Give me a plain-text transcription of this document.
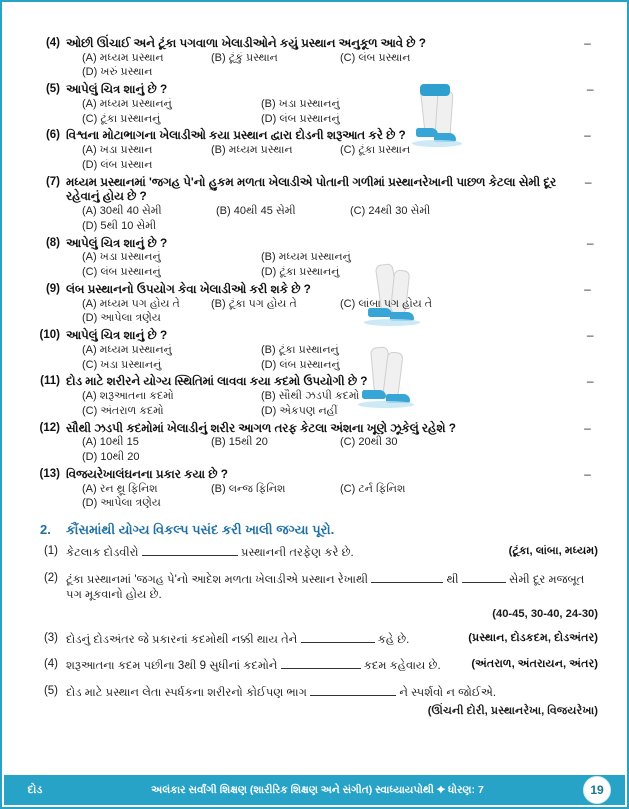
(4) ઓછી ઊંચાઈ અને ટૂંકા પગવાળા ખેલાડીઓને કયું પ્રસ્થાન અનુકૂળ આવે છે ?
(A) મધ્યમ પ્રસ્થાન	(B) ટૂંકું પ્રસ્થાન	(C) લંબ પ્રસ્થાન
(D) ખરું પ્રસ્થાન
–
(5) આપેલું ચિત્ર શાનું છે ?
(A) મધ્યમ પ્રસ્થાનનું	(B) ખડા પ્રસ્થાનનું
(C) ટૂંકા પ્રસ્થાનનું	(D) લંબ પ્રસ્થાનનું
–
(6) વિશ્વના મોટાભાગના ખેલાડીઓ કયા પ્રસ્થાન દ્વારા દોડની શરૂઆત કરે છે ?
(A) ખડા પ્રસ્થાન	(B) મધ્યમ પ્રસ્થાન	(C) ટૂંકા પ્રસ્થાન
(D) લંબ પ્રસ્થાન
–
(7) મધ્યમ પ્રસ્થાનમાં 'જગહ પે'નો હુકમ મળતા ખેલાડીએ પોતાની ગળીમાં પ્રસ્થાનરેખાની પાછળ કેટલા સેમી દૂર રહેવાનું હોય છે ?
(A) 30થી 40 સેમી	(B) 40થી 45 સેમી	(C) 24થી 30 સેમી
(D) 5થી 10 સેમી
–
(8) આપેલું ચિત્ર શાનું છે ?
(A) ખડા પ્રસ્થાનનું	(B) મધ્યમ પ્રસ્થાનનું
(C) લંબ પ્રસ્થાનનું	(D) ટૂંકા પ્રસ્થાનનું
–
(9) લંબ પ્રસ્થાનનો ઉપયોગ કેવા ખેલાડીઓ કરી શકે છે ?
(A) મધ્યમ પગ હોય તે	(B) ટૂંકા પગ હોય તે	(C) લાંબા પગ હોય તે
(D) આપેલા ત્રણેય
–
(10) આપેલું ચિત્ર શાનું છે ?
(A) મધ્યમ પ્રસ્થાનનું	(B) ટૂંકા પ્રસ્થાનનું
(C) ખડા પ્રસ્થાનનું	(D) લંબ પ્રસ્થાનનું
–
(11) દોડ માટે શરીરને યોગ્ય સ્થિતિમાં લાવવા કયા કદમો ઉપયોગી છે ?
(A) શરૂઆતના કદમો	(B) સૌથી ઝડપી કદમો
(C) અંતરાળ કદમો	(D) એકપણ નહીં
–
(12) સૌથી ઝડપી કદમોમાં ખેલાડીનું શરીર આગળ તરફ કેટલા અંશના ખૂણે ઝૂકેલું રહેશે ?
(A) 10થી 15	(B) 15થી 20	(C) 20થી 30
(D) 10થી 20
–
(13) વિજયરેખાલંઘનના પ્રકાર કયા છે ?
(A) રન થ્રૂ ફિનિશ	(B) લન્જ ફિનિશ	(C) ટર્ન ફિનિશ
(D) આપેલા ત્રણેય
–
2.	કૌંસમાંથી યોગ્ય વિકલ્પ પસંદ કરી ખાલી જગ્યા પૂરો.
(1)	(ટૂંકા, લાંબા, મધ્યમ)
કેટલાક દોડવીરો	પ્રસ્થાનની તરફેણ કરે છે.
(2) ટૂંકા પ્રસ્થાનમાં 'જગહ પે'નો આદેશ મળતા ખેલાડીએ પ્રસ્થાન રેખાથી	થી	સેમી દૂર મજબૂત પગ મૂકવાનો હોય છે.
(40-45, 30-40, 24-30)
(3)	(પ્રસ્થાન, દોડકદમ, દોડઅંતર)
દોડનું દોડઅંતર જે પ્રકારનાં કદમોથી નક્કી થાય તેને	કહે છે.
(4)	(અંતરાળ, અંતરાયન, અંતર)
શરૂઆતના કદમ પછીના 3થી 9 સુધીનાં કદમોને	કદમ કહેવાય છે.
(5) દોડ માટે પ્રસ્થાન લેતા સ્પર્ધકના શરીરનો કોઈપણ ભાગ	ને સ્પર્શવો ન જોઈએ.
(ઊંચની દોરી, પ્રસ્થાનરેખા, વિજયરેખા)
દોડ	અલંકાર સર્વાંગી શિક્ષણ (શારીરિક શિક્ષણ અને સંગીત) સ્વાધ્યાયપોથી ✦ ધોરણ: 7	19
